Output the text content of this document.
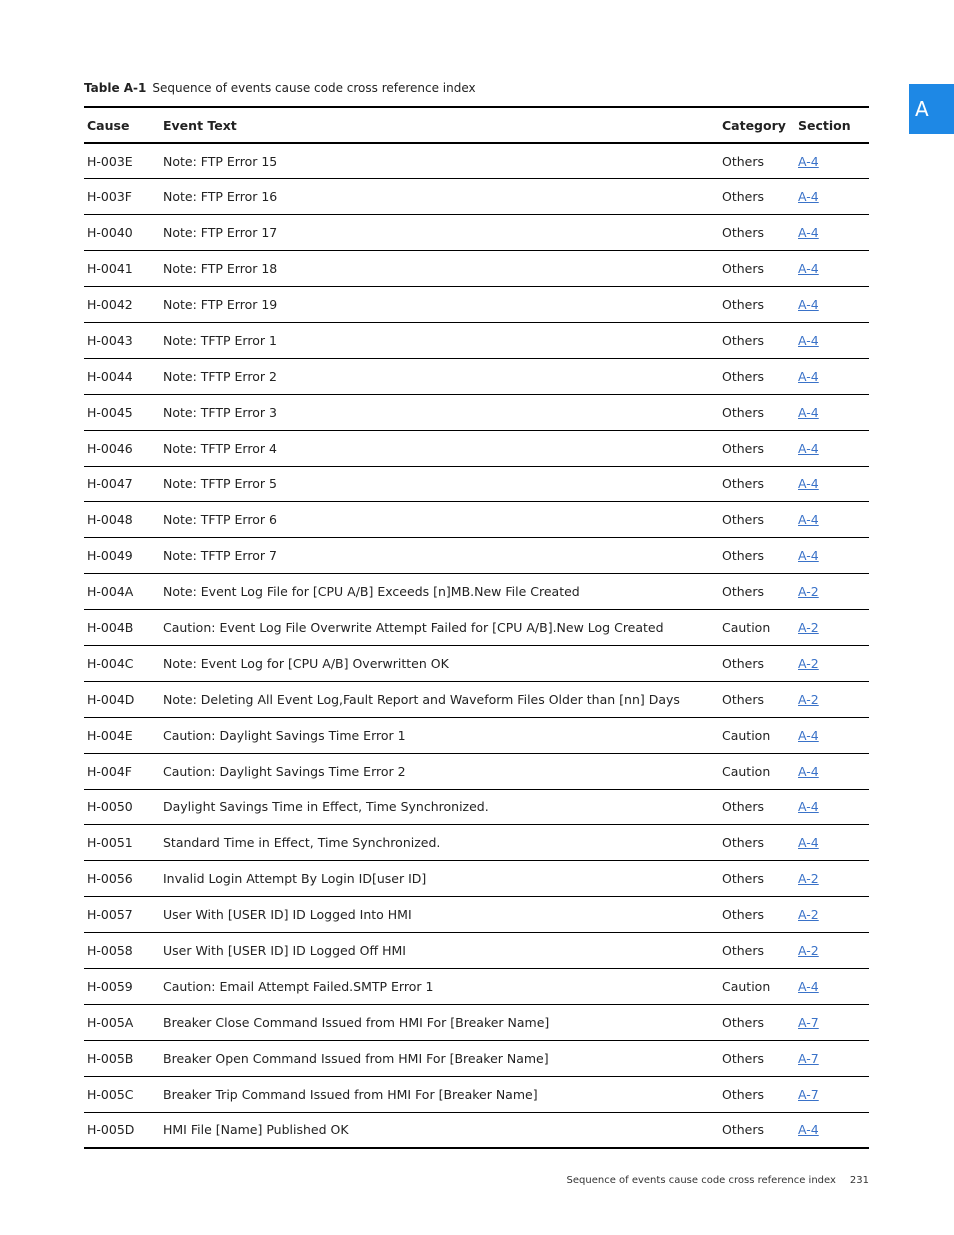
Table A-1 Sequence of events cause code cross reference index
A
Cause	Event Text	Category	Section
H-003E	Note: FTP Error 15	Others	A-4
H-003F	Note: FTP Error 16	Others	A-4
H-0040	Note: FTP Error 17	Others	A-4
H-0041	Note: FTP Error 18	Others	A-4
H-0042	Note: FTP Error 19	Others	A-4
H-0043	Note: TFTP Error 1	Others	A-4
H-0044	Note: TFTP Error 2	Others	A-4
H-0045	Note: TFTP Error 3	Others	A-4
H-0046	Note: TFTP Error 4	Others	A-4
H-0047	Note: TFTP Error 5	Others	A-4
H-0048	Note: TFTP Error 6	Others	A-4
H-0049	Note: TFTP Error 7	Others	A-4
H-004A	Note: Event Log File for [CPU A/B] Exceeds [n]MB.New File Created	Others	A-2
H-004B	Caution: Event Log File Overwrite Attempt Failed for [CPU A/B].New Log Created	Caution	A-2
H-004C	Note: Event Log for [CPU A/B] Overwritten OK	Others	A-2
H-004D	Note: Deleting All Event Log,Fault Report and Waveform Files Older than [nn] Days	Others	A-2
H-004E	Caution: Daylight Savings Time Error 1	Caution	A-4
H-004F	Caution: Daylight Savings Time Error 2	Caution	A-4
H-0050	Daylight Savings Time in Effect, Time Synchronized.	Others	A-4
H-0051	Standard Time in Effect, Time Synchronized.	Others	A-4
H-0056	Invalid Login Attempt By Login ID[user ID]	Others	A-2
H-0057	User With [USER ID] ID Logged Into HMI	Others	A-2
H-0058	User With [USER ID] ID Logged Off HMI	Others	A-2
H-0059	Caution: Email Attempt Failed.SMTP Error 1	Caution	A-4
H-005A	Breaker Close Command Issued from HMI For [Breaker Name]	Others	A-7
H-005B	Breaker Open Command Issued from HMI For [Breaker Name]	Others	A-7
H-005C	Breaker Trip Command Issued from HMI For [Breaker Name]	Others	A-7
H-005D	HMI File [Name] Published OK	Others	A-4
Sequence of events cause code cross reference index 231
